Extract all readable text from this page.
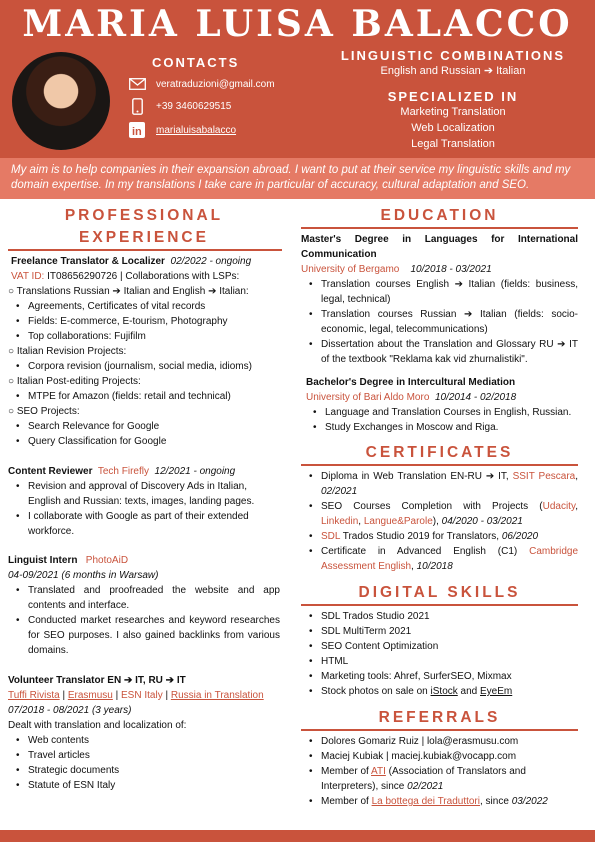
MARIA LUISA BALACCO
CONTACTS
veratraduzioni@gmail.com
+39 3460629515
in marialuisabalacco
LINGUISTIC COMBINATIONS
English and Russian ➔ Italian
SPECIALIZED IN
Marketing Translation
Web Localization
Legal Translation
My aim is to help companies in their expansion abroad. I want to put at their service my linguistic skills and my domain expertise. In my translations I take care in particular of accuracy, cultural adaptation and SEO.
PROFESSIONAL
EXPERIENCE

Freelance Translator & Localizer 02/2022 - ongoing

VAT ID: IT08656290726 | Collaborations with LSPs:

○ Translations Russian ➔ Italian and English ➔ Italian:

• Agreements, Certificates of vital records
• Fields: E-commerce, E-tourism, Photography
• Top collaborations: Fujifilm

○ Italian Revision Projects:

• Corpora revision (journalism, social media, idioms)

○ Italian Post-editing Projects:

• MTPE for Amazon (fields: retail and technical)

○ SEO Projects:

• Search Relevance for Google
• Query Classification for Google

Content Reviewer Tech Firefly 12/2021 - ongoing

• Revision and approval of Discovery Ads in Italian, English and Russian: texts, images, landing pages.
• I collaborate with Google as part of their extended workforce.

Linguist Intern PhotoAiD

04-09/2021 (6 months in Warsaw)

• Translated and proofreaded the website and app contents and interface.
• Conducted market researches and keyword researches for SEO purposes. I also gained backlinks from various domains.

Volunteer Translator EN ➔ IT, RU ➔ IT

Tuffi Rivista | Erasmusu | ESN Italy | Russia in Translation

07/2018 - 08/2021 (3 years)

Dealt with translation and localization of:

• Web contents
• Travel articles
• Strategic documents
• Statute of ESN Italy
EDUCATION

Master's Degree in Languages for International Communication

University of Bergamo 10/2018 - 03/2021

• Translation courses English ➔ Italian (fields: business, legal, technical)
• Translation courses Russian ➔ Italian (fields: socio-economic, legal, telecommunications)
• Dissertation about the Translation and Glossary RU ➔ IT of the textbook "Reklama kak vid zhurnalistiki".

Bachelor's Degree in Intercultural Mediation

University of Bari Aldo Moro 10/2014 - 02/2018

• Language and Translation Courses in English, Russian.
• Study Exchanges in Moscow and Riga.
CERTIFICATES
• Diploma in Web Translation EN-RU ➔ IT, SSIT Pescara, 02/2021
• SEO Courses Completion with Projects (Udacity, Linkedin, Langue&Parole), 04/2020 - 03/2021
• SDL Trados Studio 2019 for Translators, 06/2020
• Certificate in Advanced English (C1) Cambridge Assessment English, 10/2018
DIGITAL SKILLS
• SDL Trados Studio 2021
• SDL MultiTerm 2021
• SEO Content Optimization
• HTML
• Marketing tools: Ahref, SurferSEO, Mixmax
• Stock photos on sale on iStock and EyeEm
REFERRALS
• Dolores Gomariz Ruiz | lola@erasmusu.com
• Maciej Kubiak | maciej.kubiak@vocapp.com
• Member of ATI (Association of Translators and Interpreters), since 02/2021
• Member of La bottega dei Traduttori, since 03/2022
